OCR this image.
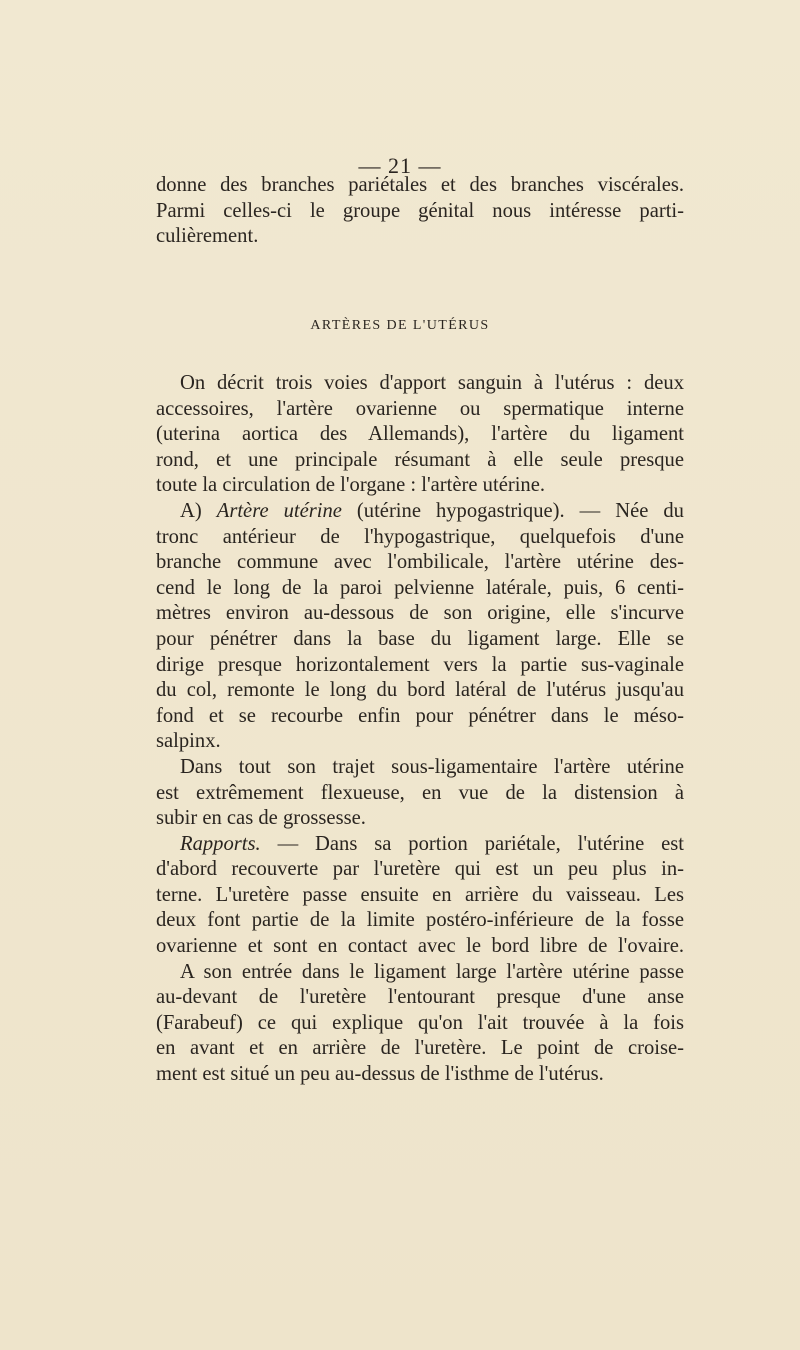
— 21 —
donne des branches pariétales et des branches viscérales.
Parmi celles-ci le groupe génital nous intéresse parti-
culièrement.
ARTÈRES DE L'UTÉRUS
On décrit trois voies d'apport sanguin à l'utérus : deux
accessoires, l'artère ovarienne ou spermatique interne
(uterina aortica des Allemands), l'artère du ligament
rond, et une principale résumant à elle seule presque
toute la circulation de l'organe : l'artère utérine.
A) Artère utérine (utérine hypogastrique). — Née du
tronc antérieur de l'hypogastrique, quelquefois d'une
branche commune avec l'ombilicale, l'artère utérine des-
cend le long de la paroi pelvienne latérale, puis, 6 centi-
mètres environ au-dessous de son origine, elle s'incurve
pour pénétrer dans la base du ligament large. Elle se
dirige presque horizontalement vers la partie sus-vaginale
du col, remonte le long du bord latéral de l'utérus jusqu'au
fond et se recourbe enfin pour pénétrer dans le méso-
salpinx.
Dans tout son trajet sous-ligamentaire l'artère utérine
est extrêmement flexueuse, en vue de la distension à
subir en cas de grossesse.
Rapports. — Dans sa portion pariétale, l'utérine est
d'abord recouverte par l'uretère qui est un peu plus in-
terne. L'uretère passe ensuite en arrière du vaisseau. Les
deux font partie de la limite postéro-inférieure de la fosse
ovarienne et sont en contact avec le bord libre de l'ovaire.
A son entrée dans le ligament large l'artère utérine passe
au-devant de l'uretère l'entourant presque d'une anse
(Farabeuf) ce qui explique qu'on l'ait trouvée à la fois
en avant et en arrière de l'uretère. Le point de croise-
ment est situé un peu au-dessus de l'isthme de l'utérus.
